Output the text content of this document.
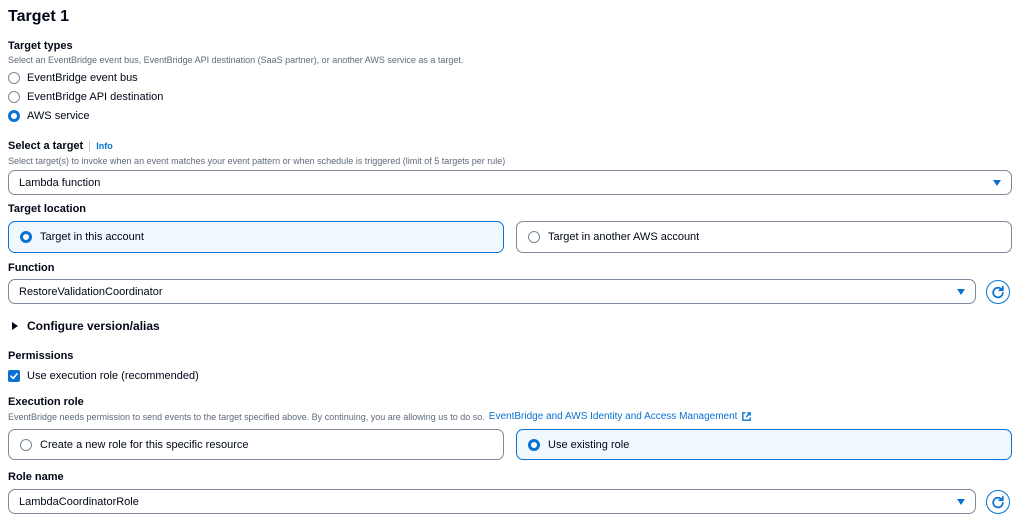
Target 1
Target types
Select an EventBridge event bus, EventBridge API destination (SaaS partner), or another AWS service as a target.
EventBridge event bus
EventBridge API destination
AWS service
Select a target Info
Select target(s) to invoke when an event matches your event pattern or when schedule is triggered (limit of 5 targets per rule)
Lambda function
Target location
Target in this account	Target in another AWS account
Function
RestoreValidationCoordinator
Configure version/alias
Permissions
Use execution role (recommended)
Execution role
EventBridge needs permission to send events to the target specified above. By continuing, you are allowing us to do so. EventBridge and AWS Identity and Access Management
Create a new role for this specific resource	Use existing role
Role name
LambdaCoordinatorRole
